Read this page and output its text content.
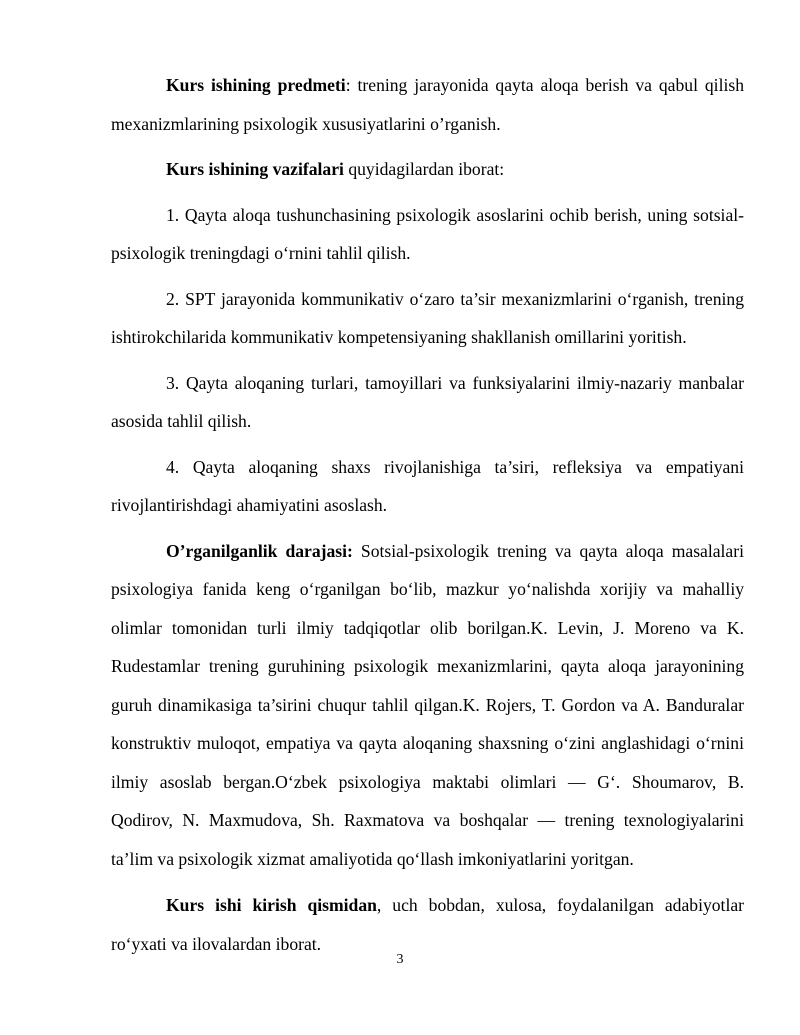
Kurs ishining predmeti: trening jarayonida qayta aloqa berish va qabul qilish mexanizmlarining psixologik xususiyatlarini o’rganish.

Kurs ishining vazifalari quyidagilardan iborat:

1. Qayta aloqa tushunchasining psixologik asoslarini ochib berish, uning sotsial-psixologik treningdagi o‘rnini tahlil qilish.

2. SPT jarayonida kommunikativ o‘zaro ta’sir mexanizmlarini o‘rganish, trening ishtirokchilarida kommunikativ kompetensiyaning shakllanish omillarini yoritish.

3. Qayta aloqaning turlari, tamoyillari va funksiyalarini ilmiy-nazariy manbalar asosida tahlil qilish.

4. Qayta aloqaning shaxs rivojlanishiga ta’siri, refleksiya va empatiyani rivojlantirishdagi ahamiyatini asoslash.

O’rganilganlik darajasi: Sotsial-psixologik trening va qayta aloqa masalalari psixologiya fanida keng o‘rganilgan bo‘lib, mazkur yo‘nalishda xorijiy va mahalliy olimlar tomonidan turli ilmiy tadqiqotlar olib borilgan.K. Levin, J. Moreno va K. Rudestamlar trening guruhining psixologik mexanizmlarini, qayta aloqa jarayonining guruh dinamikasiga ta’sirini chuqur tahlil qilgan.K. Rojers, T. Gordon va A. Banduralar konstruktiv muloqot, empatiya va qayta aloqaning shaxsning o‘zini anglashidagi o‘rnini ilmiy asoslab bergan.O‘zbek psixologiya maktabi olimlari — G‘. Shoumarov, B. Qodirov, N. Maxmudova, Sh. Raxmatova va boshqalar — trening texnologiyalarini ta’lim va psixologik xizmat amaliyotida qo‘llash imkoniyatlarini yoritgan.

Kurs ishi kirish qismidan, uch bobdan, xulosa, foydalanilgan adabiyotlar ro‘yxati va ilovalardan iborat.

3
